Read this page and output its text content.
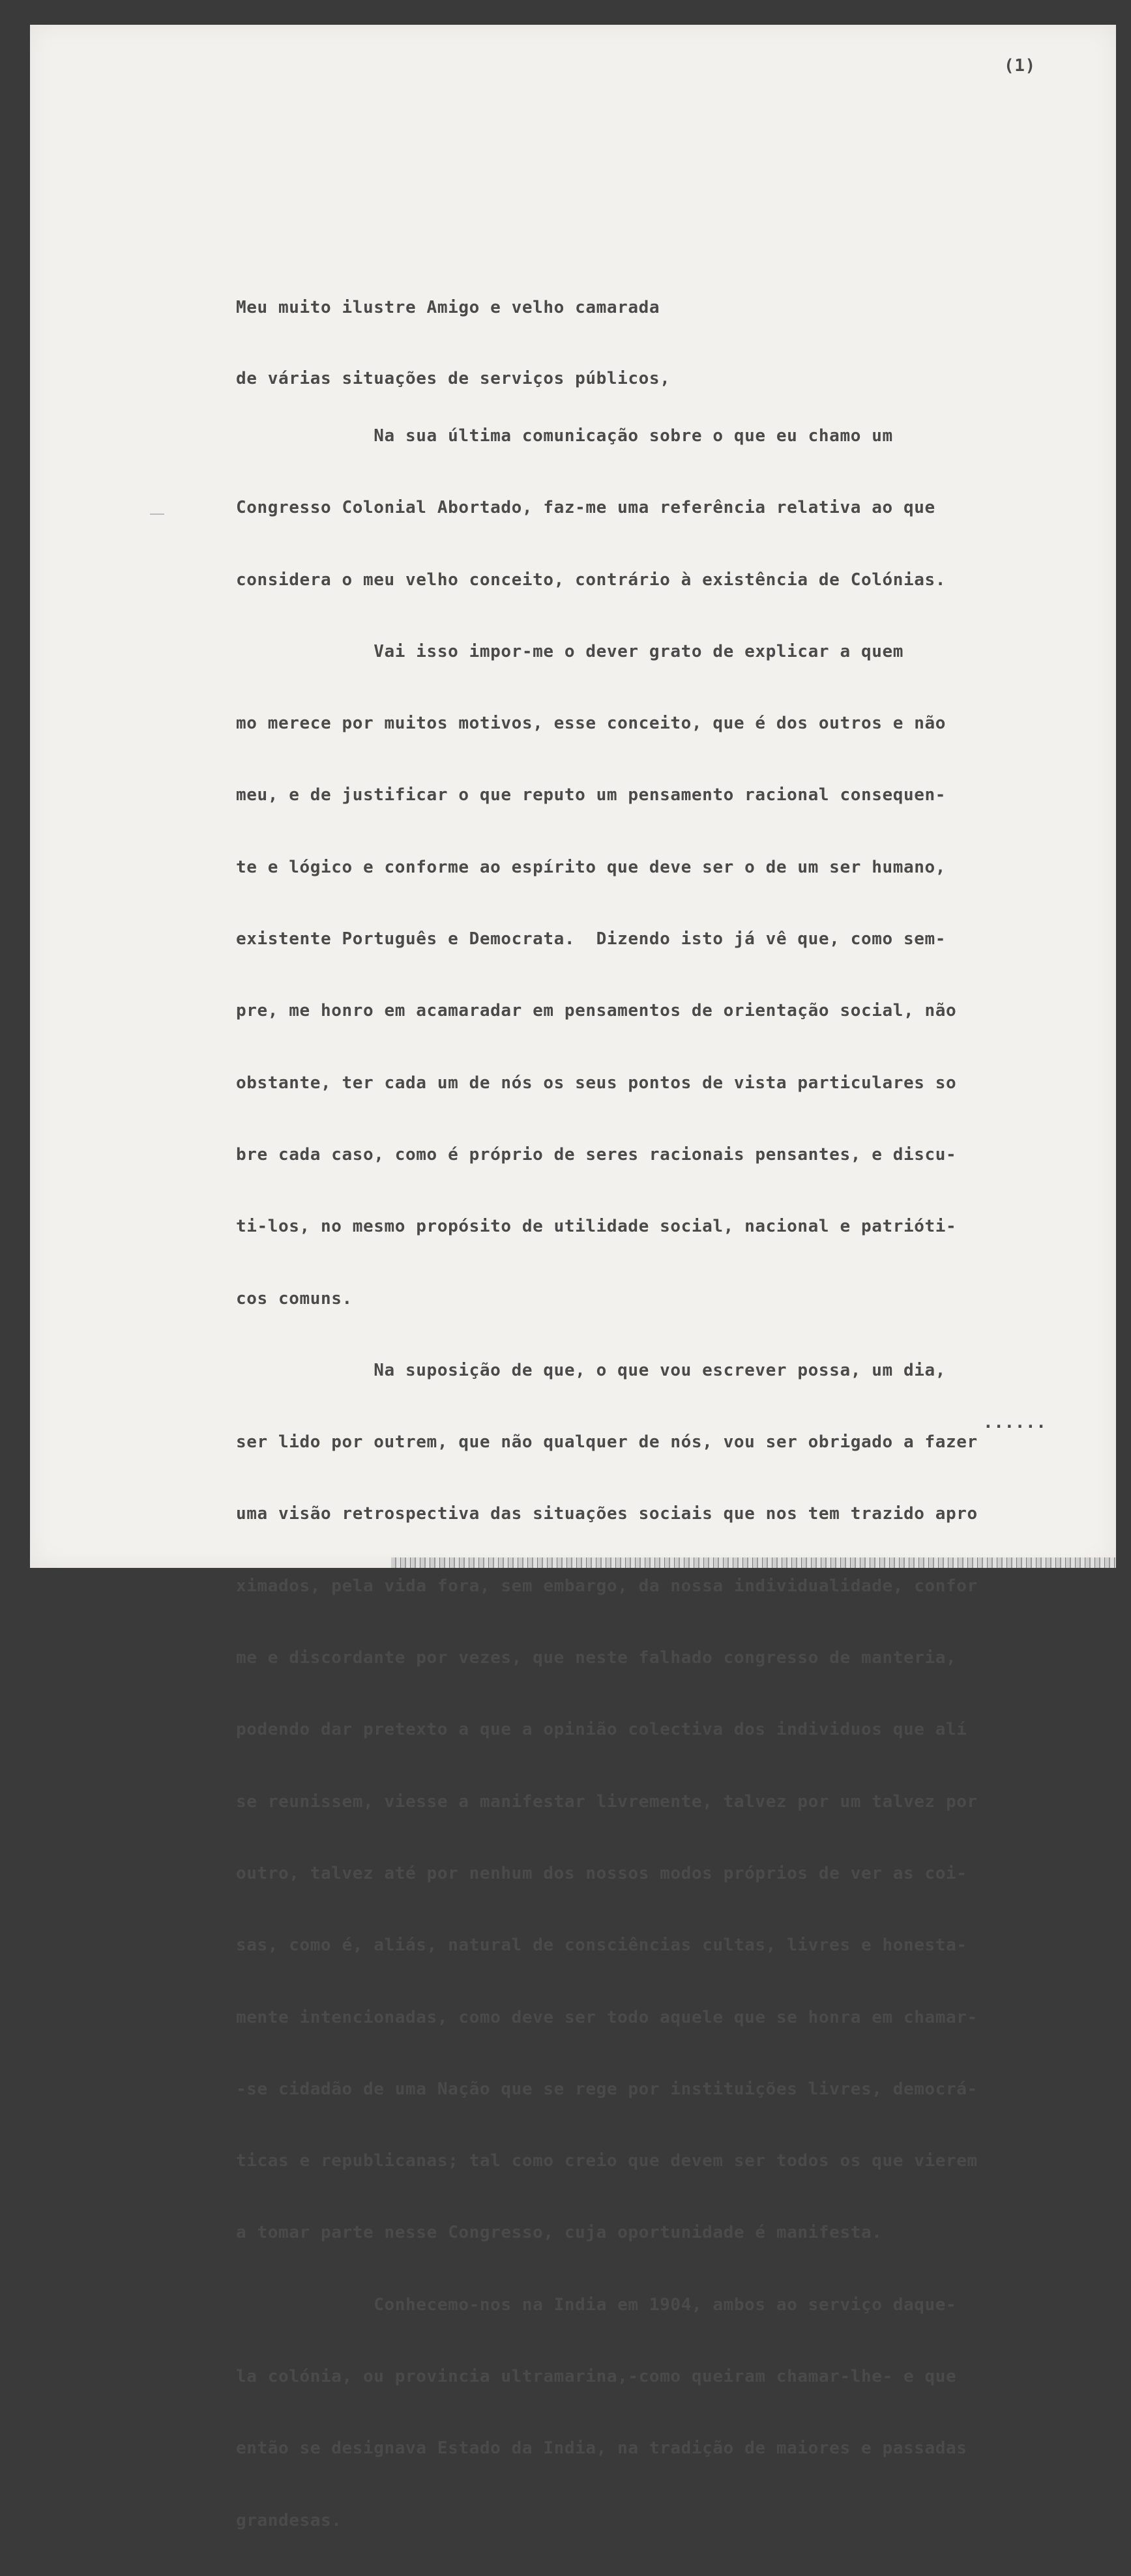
(1)

Meu muito ilustre Amigo e velho camarada

de várias situações de serviços públicos,

Na sua última comunicação sobre o que eu chamo um

Congresso Colonial Abortado, faz-me uma referência relativa ao que

considera o meu velho conceito, contrário à existência de Colónias.

Vai isso impor-me o dever grato de explicar a quem

mo merece por muitos motivos, esse conceito, que é dos outros e não

meu, e de justificar o que reputo um pensamento racional consequen-

te e lógico e conforme ao espírito que deve ser o de um ser humano,

existente Português e Democrata.  Dizendo isto já vê que, como sem-

pre, me honro em acamaradar em pensamentos de orientação social, não

obstante, ter cada um de nós os seus pontos de vista particulares so

bre cada caso, como é próprio de seres racionais pensantes, e discu-

ti-los, no mesmo propósito de utilidade social, nacional e patrióti-

cos comuns.

Na suposição de que, o que vou escrever possa, um dia,

ser lido por outrem, que não qualquer de nós, vou ser obrigado a fazer

uma visão retrospectiva das situações sociais que nos tem trazido apro

ximados, pela vida fora, sem embargo, da nossa individualidade, confor

me e discordante por vezes, que neste falhado congresso de manteria,

podendo dar pretexto a que a opinião colectiva dos individuos que alí

se reunissem, viesse a manifestar livremente, talvez por um talvez por

outro, talvez até por nenhum dos nossos modos próprios de ver as coi-

sas, como é, aliás, natural de consciências cultas, livres e honesta-

mente intencionadas, como deve ser todo aquele que se honra em chamar-

-se cidadão de uma Nação que se rege por instituições livres, democrá-

ticas e republicanas; tal como creio que devem ser todos os que vierem

a tomar parte nesse Congresso, cuja oportunidade é manifesta.

Conhecemo-nos na India em 1904, ambos ao serviço daque-

la colónia, ou provincia ultramarina,-como queiram chamar-lhe- e que

então se designava Estado da India, na tradição de maiores e passadas

grandesas.

......
